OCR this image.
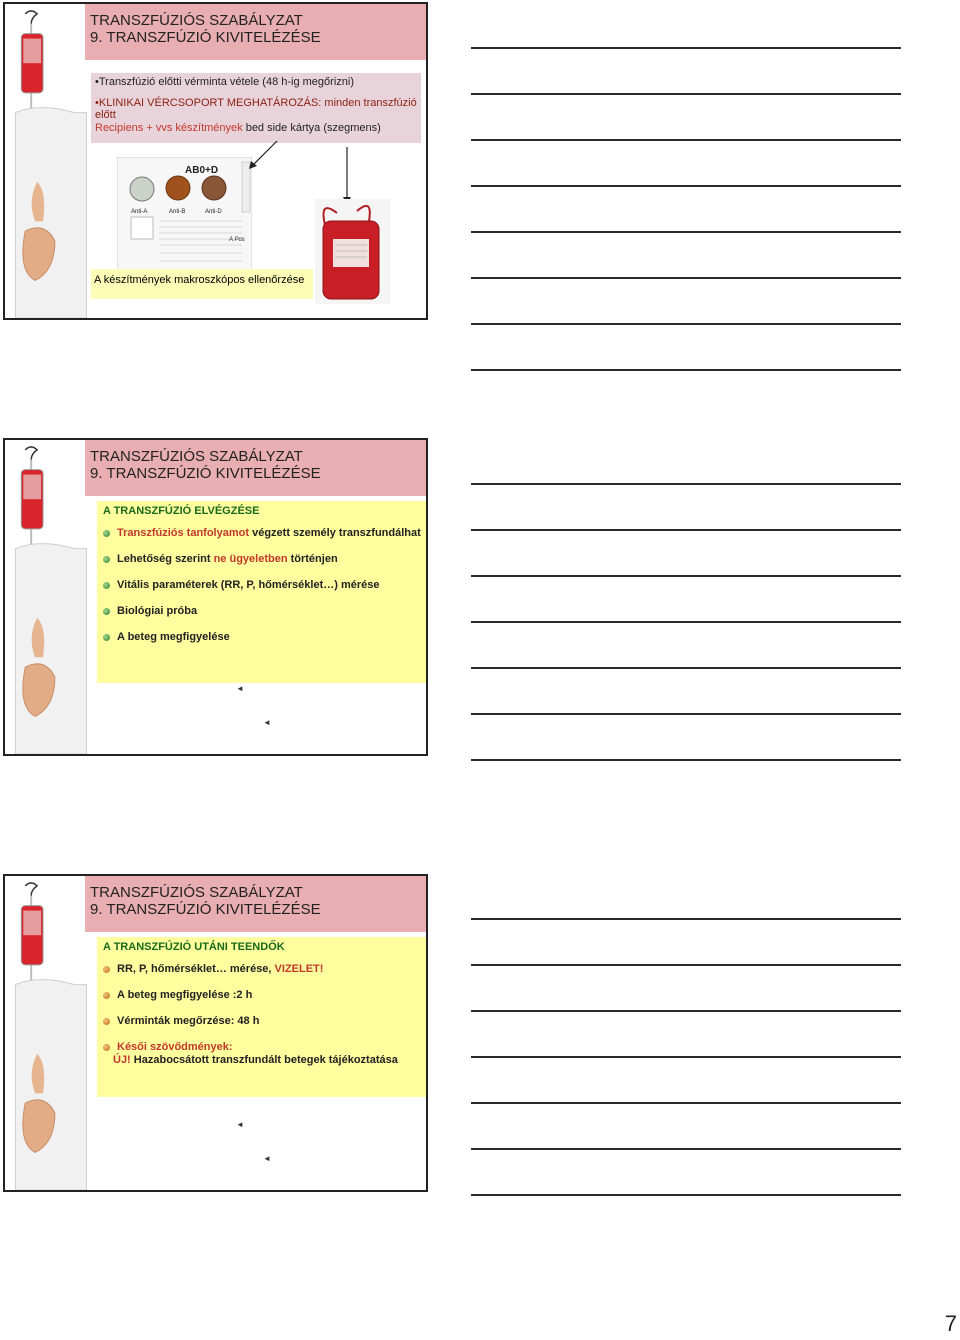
TRANSZFÚZIÓS SZABÁLYZAT
9. TRANSZFÚZIÓ KIVITELÉZÉSE
•Transzfúzió előtti vérminta vétele (48 h-ig megőrizni)
•KLINIKAI VÉRCSOPORT MEGHATÁROZÁS: minden transzfúzió előtt
Recipiens + vvs készítmények bed side kártya (szegmens)
AB0+D
Anti-A	Anti-B	Anti-D
A Pos
A készítmények makroszkópos ellenőrzése
TRANSZFÚZIÓS SZABÁLYZAT
9. TRANSZFÚZIÓ KIVITELÉZÉSE
A TRANSZFÚZIÓ ELVÉGZÉSE
Transzfúziós tanfolyamot végzett személy transzfundálhat
Lehetőség szerint ne ügyeletben történjen
Vitális paraméterek (RR, P, hőmérséklet…) mérése
Biológiai próba
A beteg megfigyelése
◄
◄
TRANSZFÚZIÓS SZABÁLYZAT
9. TRANSZFÚZIÓ KIVITELÉZÉSE
A TRANSZFÚZIÓ UTÁNI TEENDŐK
RR, P, hőmérséklet… mérése, VIZELET!
A beteg megfigyelése :2 h
Vérminták megőrzése: 48 h
Késői szövődmények:
ÚJ! Hazabocsátott transzfundált betegek tájékoztatása
◄
◄
7
